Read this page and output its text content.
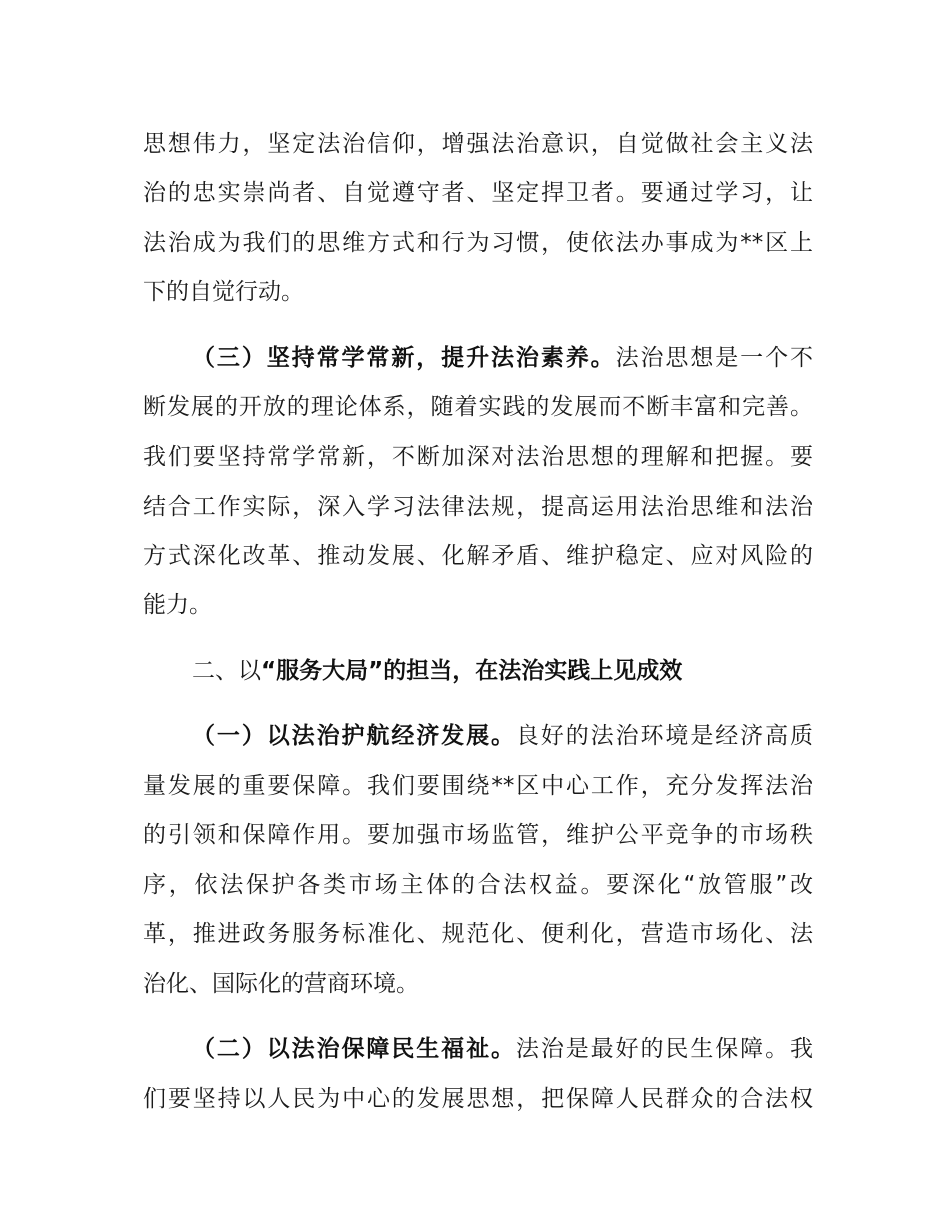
思想伟力，坚定法治信仰，增强法治意识，自觉做社会主义法
治的忠实崇尚者、自觉遵守者、坚定捍卫者。要通过学习，让
法治成为我们的思维方式和行为习惯，使依法办事成为**区上
下的自觉行动。
（三）坚持常学常新，提升法治素养。法治思想是一个不
断发展的开放的理论体系，随着实践的发展而不断丰富和完善。
我们要坚持常学常新，不断加深对法治思想的理解和把握。要
结合工作实际，深入学习法律法规，提高运用法治思维和法治
方式深化改革、推动发展、化解矛盾、维护稳定、应对风险的
能力。
二、以“服务大局”的担当，在法治实践上见成效
（一）以法治护航经济发展。良好的法治环境是经济高质
量发展的重要保障。我们要围绕**区中心工作，充分发挥法治
的引领和保障作用。要加强市场监管，维护公平竞争的市场秩
序，依法保护各类市场主体的合法权益。要深化“放管服”改
革，推进政务服务标准化、规范化、便利化，营造市场化、法
治化、国际化的营商环境。
（二）以法治保障民生福祉。法治是最好的民生保障。我
们要坚持以人民为中心的发展思想，把保障人民群众的合法权
